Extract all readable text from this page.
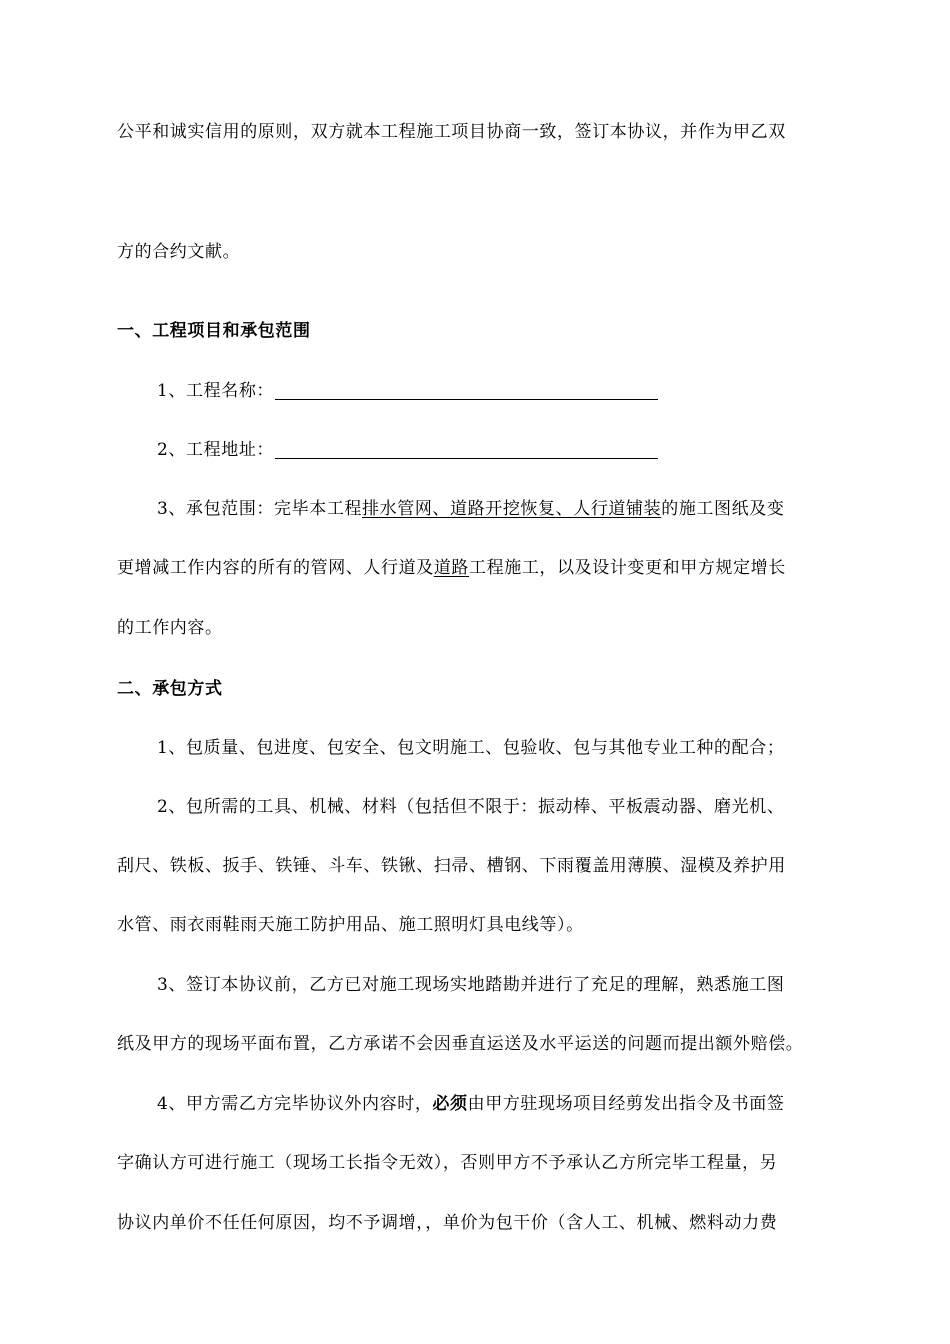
公平和诚实信用的原则，双方就本工程施工项目协商一致，签订本协议，并作为甲乙双
方的合约文献。
一、工程项目和承包范围
1、工程名称：
2、工程地址：
3、承包范围：完毕本工程排水管网、道路开挖恢复、人行道铺装的施工图纸及变
更增减工作内容的所有的管网、人行道及道路工程施工，以及设计变更和甲方规定增长
的工作内容。
二、承包方式
1、包质量、包进度、包安全、包文明施工、包验收、包与其他专业工种的配合；
2、包所需的工具、机械、材料（包括但不限于：振动棒、平板震动器、磨光机、
刮尺、铁板、扳手、铁锤、斗车、铁锹、扫帚、槽钢、下雨覆盖用薄膜、湿模及养护用
水管、雨衣雨鞋雨天施工防护用品、施工照明灯具电线等）。
3、签订本协议前，乙方已对施工现场实地踏勘并进行了充足的理解，熟悉施工图
纸及甲方的现场平面布置，乙方承诺不会因垂直运送及水平运送的问题而提出额外赔偿。
4、甲方需乙方完毕协议外内容时，必须由甲方驻现场项目经剪发出指令及书面签
字确认方可进行施工（现场工长指令无效），否则甲方不予承认乙方所完毕工程量，另
协议内单价不任任何原因，均不予调增，，单价为包干价（含人工、机械、燃料动力费
